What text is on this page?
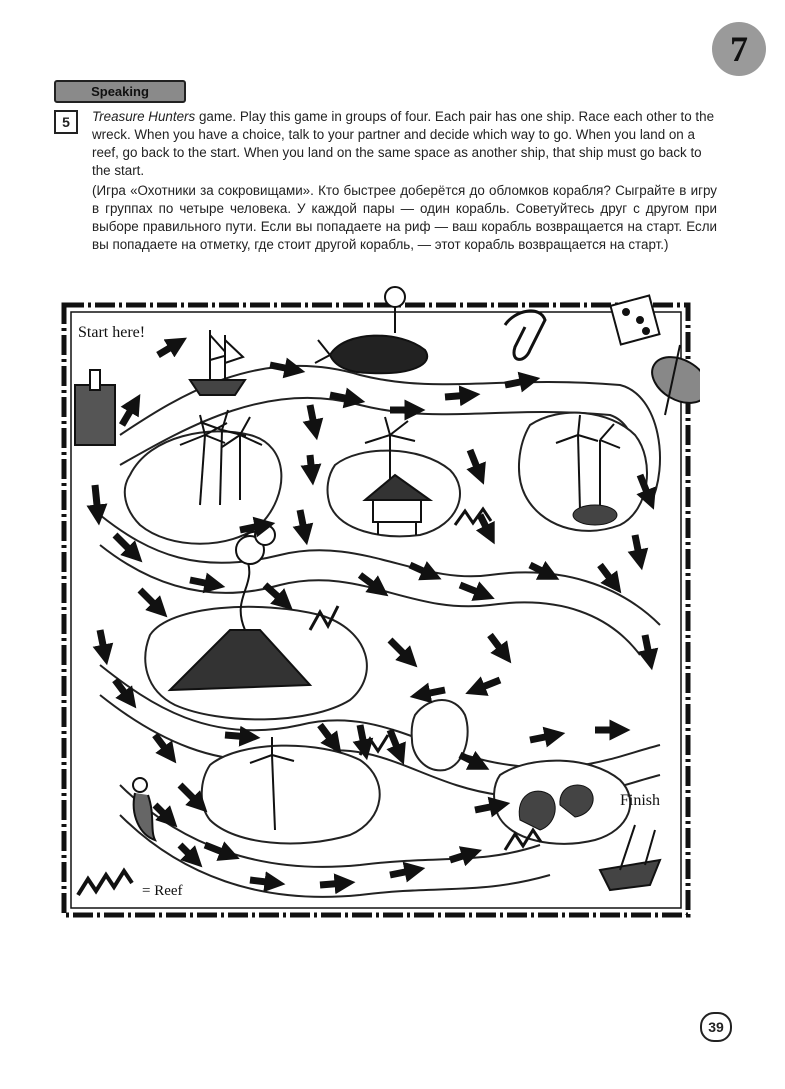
7
Speaking
5	Treasure Hunters game. Play this game in groups of four. Each pair has one ship. Race each other to the wreck. When you have a choice, talk to your partner and decide which way to go. When you land on a reef, go back to the start. When you land on the same space as another ship, that ship must go back to the start.

(Игра «Охотники за сокровищами». Кто быстрее доберётся до обломков корабля? Сыграйте в игру в группах по четыре человека. У каждой пары — один корабль. Советуйтесь друг с другом при выборе правильного пути. Если вы попадаете на риф — ваш корабль возвращается на старт. Если вы попадаете на отметку, где стоит другой корабль, — этот корабль возвращается на старт.)

Start here!
Finish
= Reef
39
